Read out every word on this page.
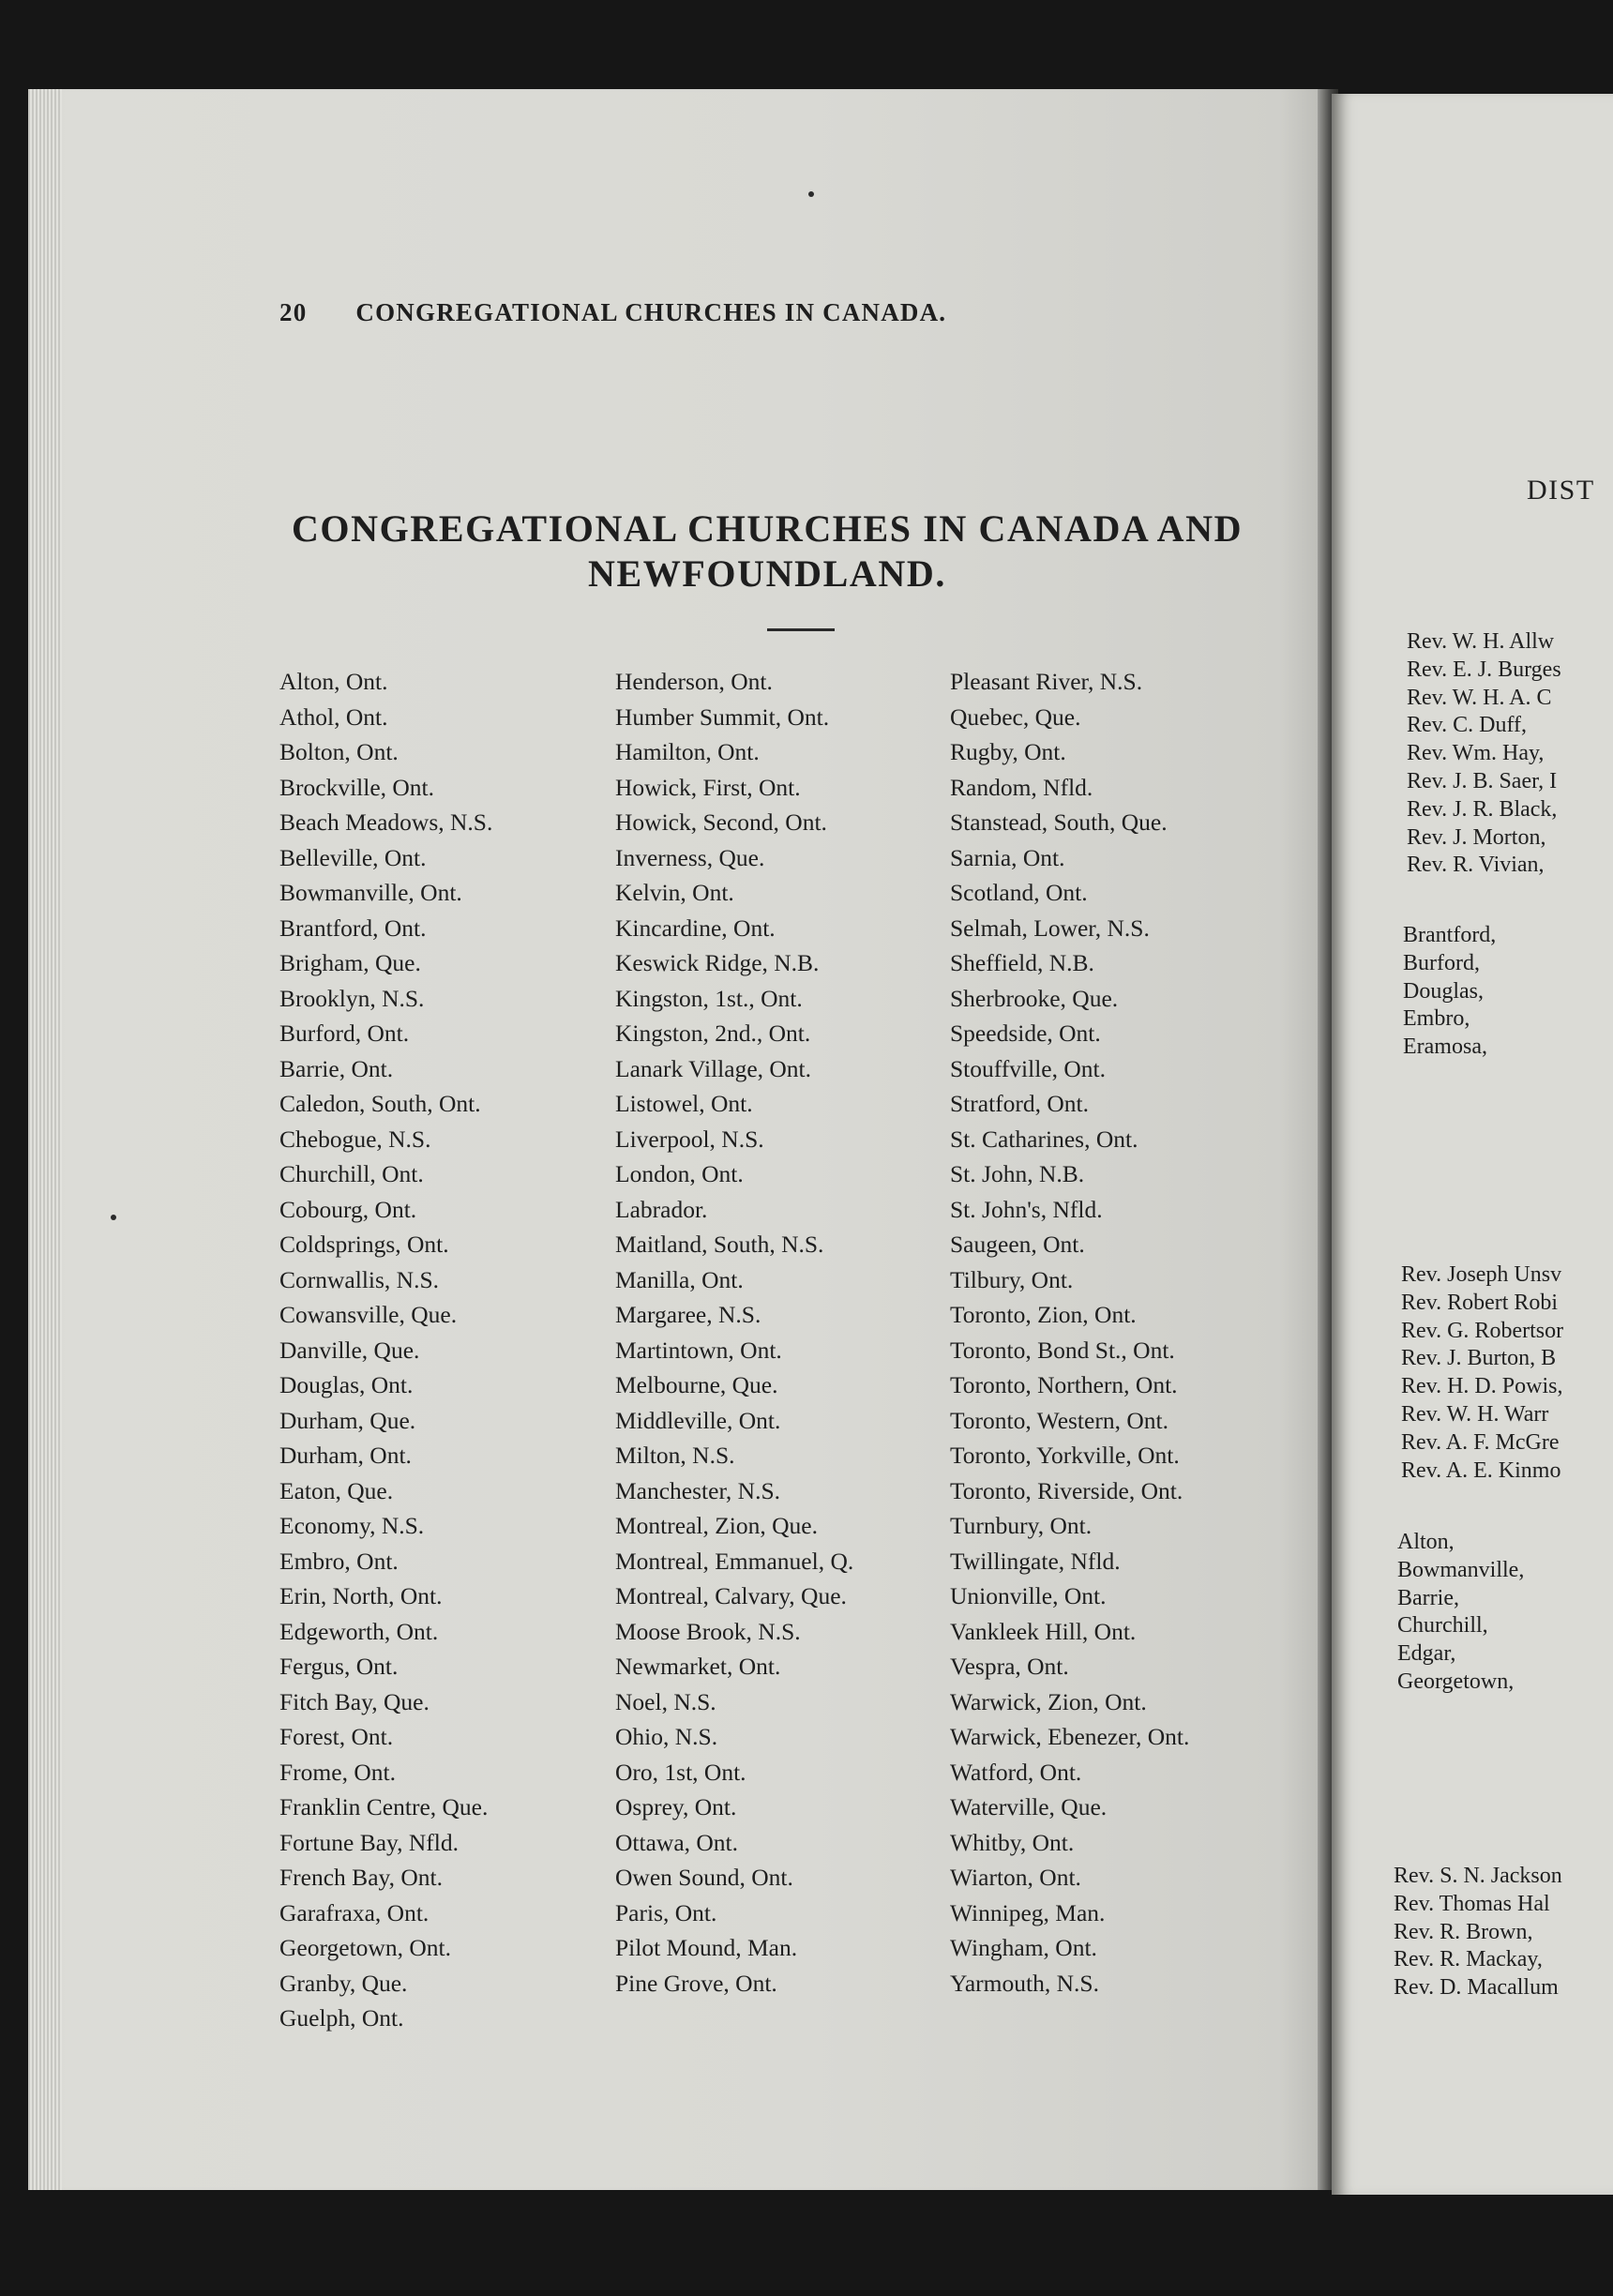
20 CONGREGATIONAL CHURCHES IN CANADA.
CONGREGATIONAL CHURCHES IN CANADA AND
NEWFOUNDLAND.
Alton, Ont.
Athol, Ont.
Bolton, Ont.
Brockville, Ont.
Beach Meadows, N.S.
Belleville, Ont.
Bowmanville, Ont.
Brantford, Ont.
Brigham, Que.
Brooklyn, N.S.
Burford, Ont.
Barrie, Ont.
Caledon, South, Ont.
Chebogue, N.S.
Churchill, Ont.
Cobourg, Ont.
Coldsprings, Ont.
Cornwallis, N.S.
Cowansville, Que.
Danville, Que.
Douglas, Ont.
Durham, Que.
Durham, Ont.
Eaton, Que.
Economy, N.S.
Embro, Ont.
Erin, North, Ont.
Edgeworth, Ont.
Fergus, Ont.
Fitch Bay, Que.
Forest, Ont.
Frome, Ont.
Franklin Centre, Que.
Fortune Bay, Nfld.
French Bay, Ont.
Garafraxa, Ont.
Georgetown, Ont.
Granby, Que.
Guelph, Ont.
Henderson, Ont.
Humber Summit, Ont.
Hamilton, Ont.
Howick, First, Ont.
Howick, Second, Ont.
Inverness, Que.
Kelvin, Ont.
Kincardine, Ont.
Keswick Ridge, N.B.
Kingston, 1st., Ont.
Kingston, 2nd., Ont.
Lanark Village, Ont.
Listowel, Ont.
Liverpool, N.S.
London, Ont.
Labrador.
Maitland, South, N.S.
Manilla, Ont.
Margaree, N.S.
Martintown, Ont.
Melbourne, Que.
Middleville, Ont.
Milton, N.S.
Manchester, N.S.
Montreal, Zion, Que.
Montreal, Emmanuel, Q.
Montreal, Calvary, Que.
Moose Brook, N.S.
Newmarket, Ont.
Noel, N.S.
Ohio, N.S.
Oro, 1st, Ont.
Osprey, Ont.
Ottawa, Ont.
Owen Sound, Ont.
Paris, Ont.
Pilot Mound, Man.
Pine Grove, Ont.
Pleasant River, N.S.
Quebec, Que.
Rugby, Ont.
Random, Nfld.
Stanstead, South, Que.
Sarnia, Ont.
Scotland, Ont.
Selmah, Lower, N.S.
Sheffield, N.B.
Sherbrooke, Que.
Speedside, Ont.
Stouffville, Ont.
Stratford, Ont.
St. Catharines, Ont.
St. John, N.B.
St. John's, Nfld.
Saugeen, Ont.
Tilbury, Ont.
Toronto, Zion, Ont.
Toronto, Bond St., Ont.
Toronto, Northern, Ont.
Toronto, Western, Ont.
Toronto, Yorkville, Ont.
Toronto, Riverside, Ont.
Turnbury, Ont.
Twillingate, Nfld.
Unionville, Ont.
Vankleek Hill, Ont.
Vespra, Ont.
Warwick, Zion, Ont.
Warwick, Ebenezer, Ont.
Watford, Ont.
Waterville, Que.
Whitby, Ont.
Wiarton, Ont.
Winnipeg, Man.
Wingham, Ont.
Yarmouth, N.S.
DIST
Rev. W. H. Allw
Rev. E. J. Burges
Rev. W. H. A. C
Rev. C. Duff,
Rev. Wm. Hay,
Rev. J. B. Saer, I
Rev. J. R. Black,
Rev. J. Morton,
Rev. R. Vivian,
Brantford,
Burford,
Douglas,
Embro,
Eramosa,
Rev. Joseph Unsv
Rev. Robert Robi
Rev. G. Robertsor
Rev. J. Burton, B
Rev. H. D. Powis,
Rev. W. H. Warr
Rev. A. F. McGre
Rev. A. E. Kinmo
Alton,
Bowmanville,
Barrie,
Churchill,
Edgar,
Georgetown,
Rev. S. N. Jackson
Rev. Thomas Hal
Rev. R. Brown,
Rev. R. Mackay,
Rev. D. Macallum
